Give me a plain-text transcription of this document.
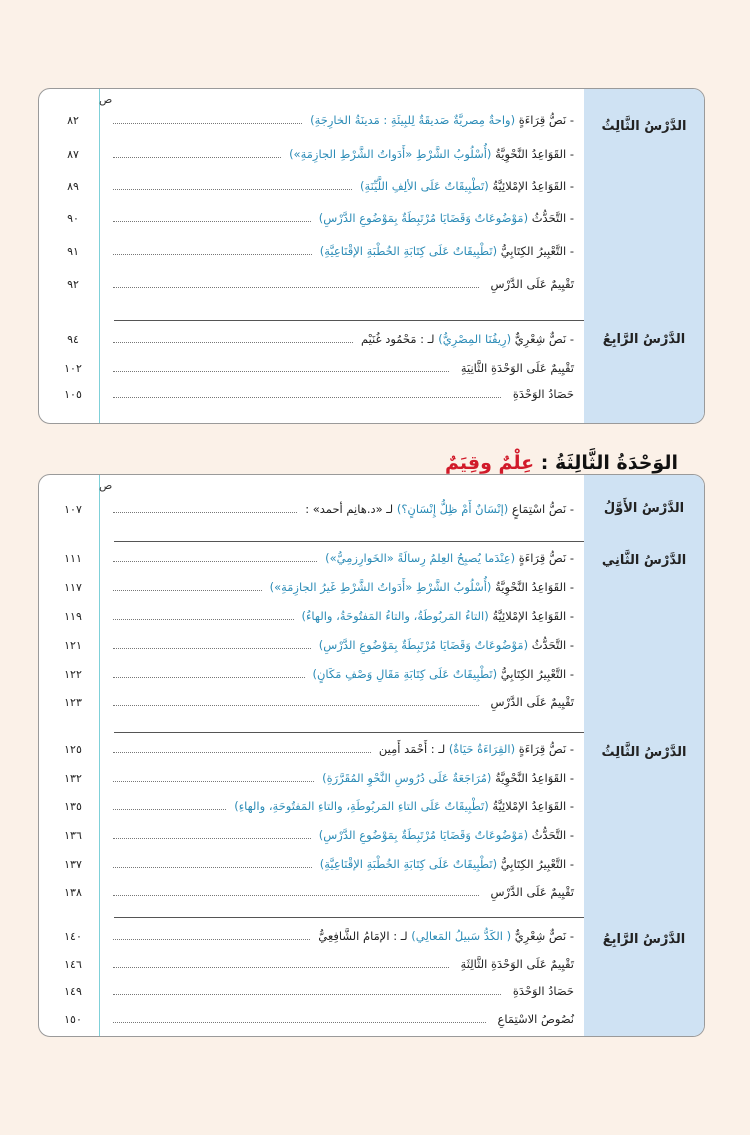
ص
الدَّرْسُ الثَّالِثُ
٨٢	- نَصُّ قِرَاءَةٍ (واحةٌ مِصريَّةٌ صَديقَةٌ لِلبِيئَةِ : مَدينَةُ الخارِجَةِ)
٨٧	- القَوَاعِدُ النَّحْوِيَّةُ (أُسْلُوبُ الشَّرْطِ «أَدَواتُ الشَّرْطِ الجازِمَةِ»)
٨٩	- القَوَاعِدُ الإمْلائِيَّةُ (تَطْبِيقَاتٌ عَلَى الألِفِ اللَّيِّنَةِ)
٩٠	- التَّحَدُّثُ (مَوْضُوعَاتٌ وَقَضَايَا مُرْتَبِطَةٌ بِمَوْضُوعِ الدَّرْسِ)
٩١	- التَّعْبِيرُ الكِتَابِيُّ (تَطْبِيقَاتٌ عَلَى كِتَابَةِ الخُطْبَةِ الإقْنَاعِيَّةِ)
٩٢	تَقْيِيمٌ عَلَى الدَّرْسِ
الدَّرْسُ الرَّابِعُ
٩٤	- نَصٌّ شِعْرِيٌّ (رِيفُنَا المِصْرِيُّ) لـ : مَحْمُود غُنَيْم
١٠٢	تَقْيِيمٌ عَلَى الوَحْدَةِ الثَّانِيَةِ
١٠٥	حَصَادُ الوَحْدَةِ
الوَحْدَةُ الثَّالِثَةُ : عِلْمٌ وقِيَمٌ
ص
الدَّرْسُ الأَوَّلُ
١٠٧	- نَصُّ اسْتِمَاعٍ (إنْسَانٌ أَمْ ظِلُّ إِنْسَانٍ؟) لـ «د.هانِم أحمد» :
الدَّرْسُ الثَّانِي
١١١	- نَصُّ قِرَاءَةٍ (عِنْدَما يُصبِحُ العِلمُ رِسالَةً «الخَوارِزمِيُّ»)
١١٧	- القَوَاعِدُ النَّحْوِيَّةُ (أُسْلُوبُ الشَّرْطِ «أَدَواتُ الشَّرْطِ غَيرُ الجازِمَةِ»)
١١٩	- القَوَاعِدُ الإمْلائِيَّةُ (التاءُ المَربُوطَةُ، والتاءُ المَفتُوحَةُ، والهاءُ)
١٢١	- التَّحَدُّثُ (مَوْضُوعَاتٌ وَقَضَايَا مُرْتَبِطَةٌ بِمَوْضُوعِ الدَّرْسِ)
١٢٢	- التَّعْبِيرُ الكِتَابِيُّ (تَطْبِيقَاتٌ عَلَى كِتَابَةِ مَقَالِ وَصْفِ مَكَانٍ)
١٢٣	تَقْيِيمٌ عَلَى الدَّرْسِ
الدَّرْسُ الثَّالِثُ
١٢٥	- نَصُّ قِرَاءَةٍ (القِرَاءَةُ حَيَاةٌ) لـ : أَحْمَد أَمِين
١٣٢	- القَوَاعِدُ النَّحْوِيَّةُ (مُرَاجَعَةٌ عَلَى دُرُوسِ النَّحْوِ المُقَرَّرَةِ)
١٣٥	- القَوَاعِدُ الإمْلائِيَّةُ (تَطْبِيقَاتٌ عَلَى التاءِ المَربُوطَةِ، والتاءِ المَفتُوحَةِ، والهاءِ)
١٣٦	- التَّحَدُّثُ (مَوْضُوعَاتٌ وَقَضَايَا مُرْتَبِطَةٌ بِمَوْضُوعِ الدَّرْسِ)
١٣٧	- التَّعْبِيرُ الكِتَابِيُّ (تَطْبِيقَاتٌ عَلَى كِتَابَةِ الخُطْبَةِ الإقْنَاعِيَّةِ)
١٣٨	تَقْيِيمٌ عَلَى الدَّرْسِ
الدَّرْسُ الرَّابِعُ
١٤٠	- نَصٌّ شِعْرِيٌّ ( الكَدُّ سَبيلُ المَعالِي) لـ : الإمَامُ الشَّافِعِيُّ
١٤٦	تَقْيِيمٌ عَلَى الوَحْدَةِ الثَّالِثَةِ
١٤٩	حَصَادُ الوَحْدَةِ
١٥٠	نُصُوصُ الاسْتِمَاعِ
